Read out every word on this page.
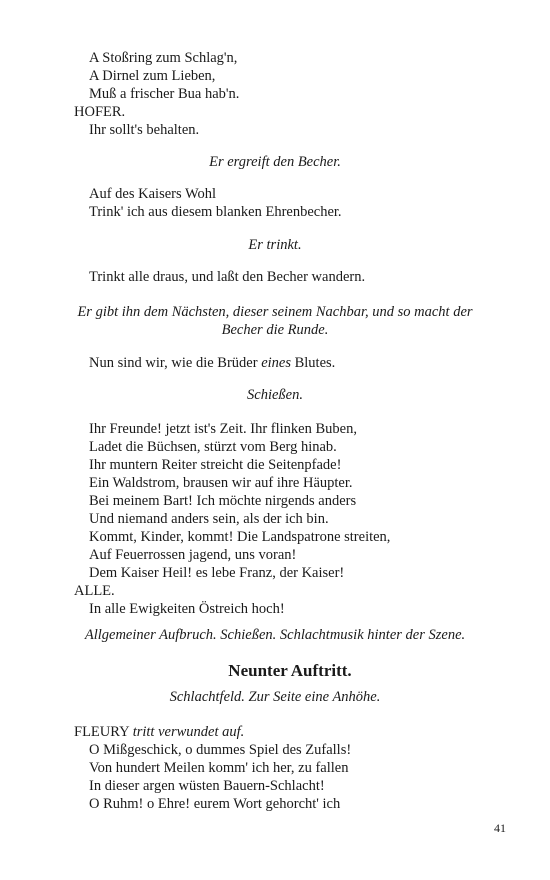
A Stoßring zum Schlag'n,
A Dirnel zum Lieben,
Muß a frischer Bua hab'n.
HOFER.
Ihr sollt's behalten.
Er ergreift den Becher.
Auf des Kaisers Wohl
Trink' ich aus diesem blanken Ehrenbecher.
Er trinkt.
Trinkt alle draus, und laßt den Becher wandern.
Er gibt ihn dem Nächsten, dieser seinem Nachbar, und so macht der
Becher die Runde.
Nun sind wir, wie die Brüder eines Blutes.
Schießen.
Ihr Freunde! jetzt ist's Zeit. Ihr flinken Buben,
Ladet die Büchsen, stürzt vom Berg hinab.
Ihr muntern Reiter streicht die Seitenpfade!
Ein Waldstrom, brausen wir auf ihre Häupter.
Bei meinem Bart! Ich möchte nirgends anders
Und niemand anders sein, als der ich bin.
Kommt, Kinder, kommt! Die Landspatrone streiten,
Auf Feuerrossen jagend, uns voran!
Dem Kaiser Heil! es lebe Franz, der Kaiser!
ALLE.
In alle Ewigkeiten Östreich hoch!
Allgemeiner Aufbruch. Schießen. Schlachtmusik hinter der Szene.
Neunter Auftritt.
Schlachtfeld. Zur Seite eine Anhöhe.
FLEURY tritt verwundet auf.
O Mißgeschick, o dummes Spiel des Zufalls!
Von hundert Meilen komm' ich her, zu fallen
In dieser argen wüsten Bauern-Schlacht!
O Ruhm! o Ehre! eurem Wort gehorcht' ich
41
